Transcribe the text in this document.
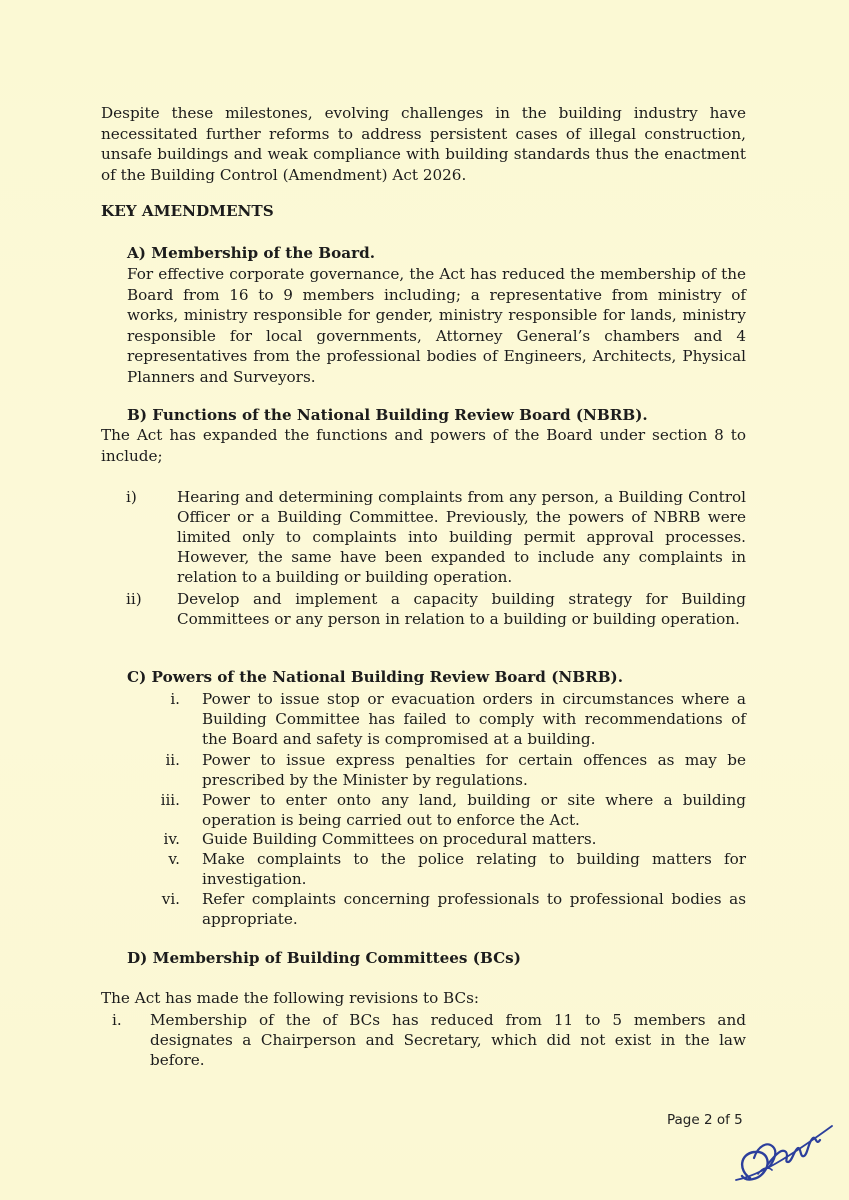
Despite these milestones, evolving challenges in the building industry have necessitated further reforms to address persistent cases of illegal construction, unsafe buildings and weak compliance with building standards thus the enactment of the Building Control (Amendment) Act 2026.
KEY AMENDMENTS
A) Membership of the Board.
For effective corporate governance, the Act has reduced the membership of the Board from 16 to 9 members including; a representative from ministry of works, ministry responsible for gender, ministry responsible for lands, ministry responsible for local governments, Attorney General’s chambers and 4 representatives from the professional bodies of Engineers, Architects, Physical Planners and Surveyors.
B) Functions of the National Building Review Board (NBRB).
The Act has expanded the functions and powers of the Board under section 8 to include;
i)	Hearing and determining complaints from any person, a Building Control Officer or a Building Committee. Previously, the powers of NBRB were limited only to complaints into building permit approval processes. However, the same have been expanded to include any complaints in relation to a building or building operation.
ii) Develop and implement a capacity building strategy for Building Committees or any person in relation to a building or building operation.
C) Powers of the National Building Review Board (NBRB).
i. Power to issue stop or evacuation orders in circumstances where a Building Committee has failed to comply with recommendations of the Board and safety is compromised at a building.
ii. Power to issue express penalties for certain offences as may be prescribed by the Minister by regulations.
iii. Power to enter onto any land, building or site where a building operation is being carried out to enforce the Act.
iv. Guide Building Committees on procedural matters.
v. Make complaints to the police relating to building matters for investigation.
vi. Refer complaints concerning professionals to professional bodies as appropriate.
D) Membership of Building Committees (BCs)
The Act has made the following revisions to BCs:
i. Membership of the of BCs has reduced from 11 to 5 members and designates a Chairperson and Secretary, which did not exist in the law before.
Page 2 of 5
